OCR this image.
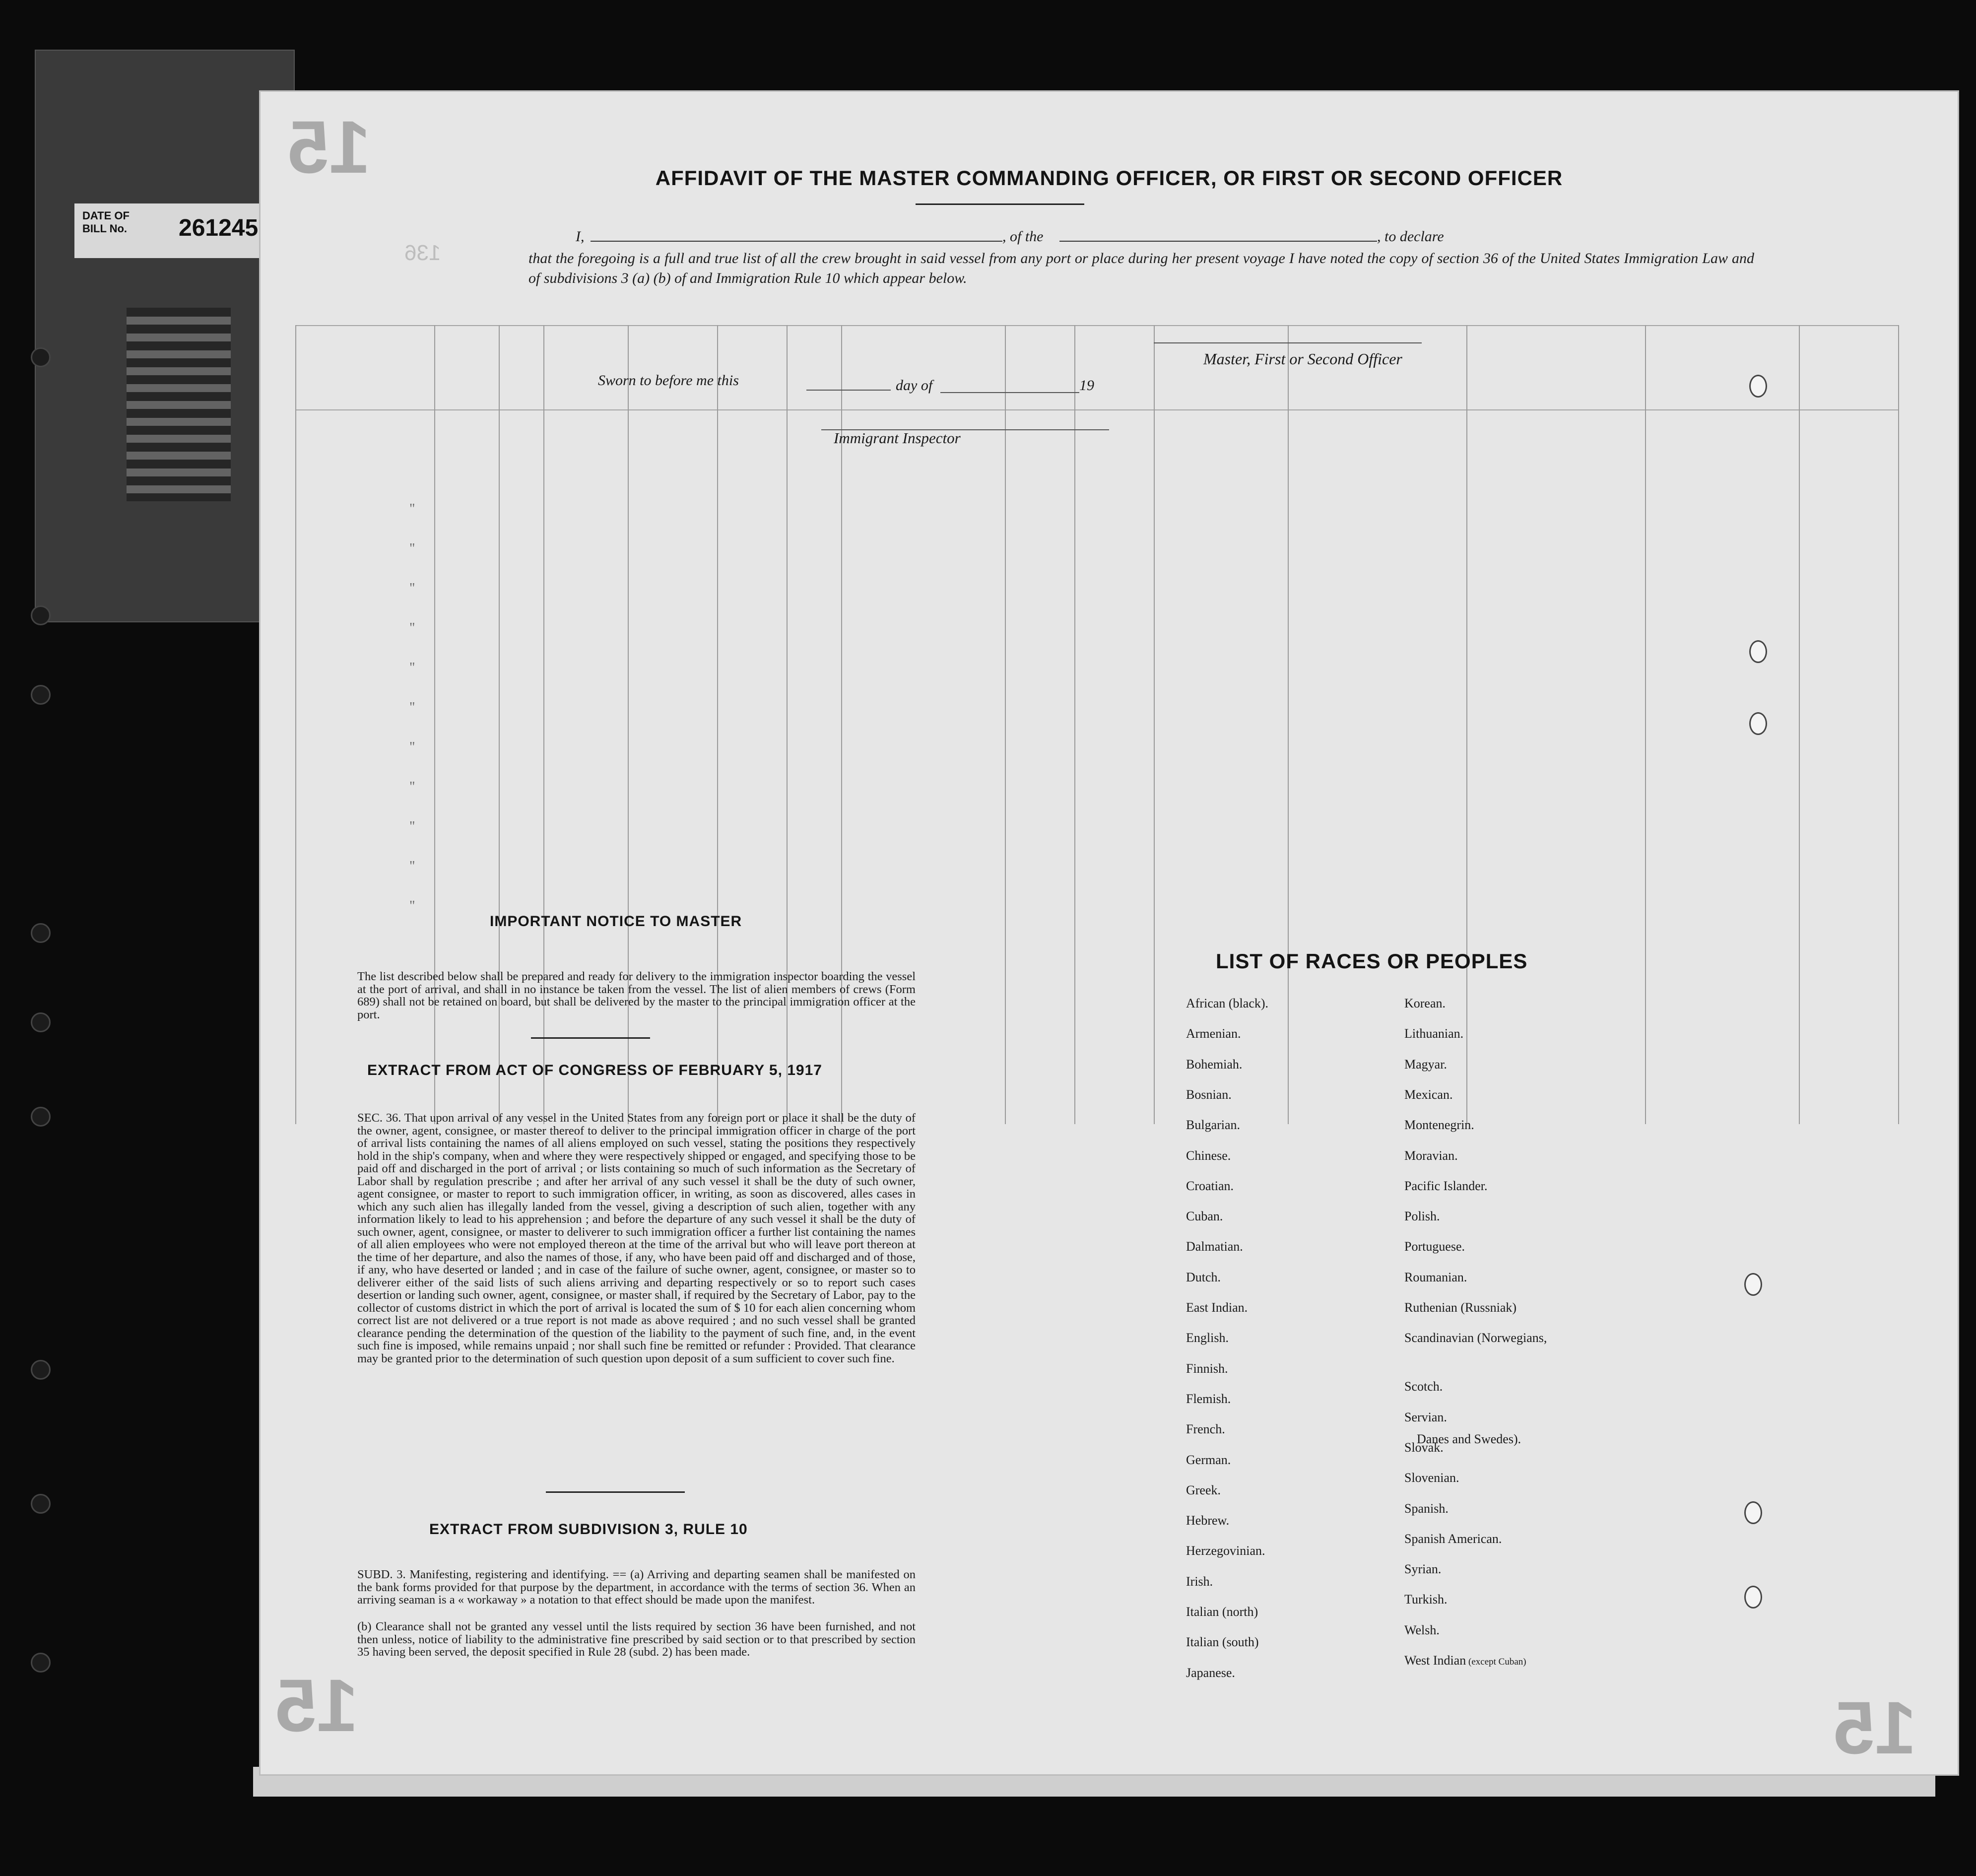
DATE OF
BILL No. 261245
15
15	15
136
"
"
"
"
"
"
"
"
"
"
"
AFFIDAVIT OF THE MASTER COMMANDING OFFICER, OR FIRST OR SECOND OFFICER
I,	, of the	, to declare
that the foregoing is a full and true list of all the crew brought in said vessel from any port or place during her present voyage I have noted the copy of section 36 of the United States Immigration Law and of subdivisions 3 (a) (b) of and Immigration Rule 10 which appear below.
Master, First or Second Officer
Sworn to before me this	day of	19
Immigrant Inspector
IMPORTANT NOTICE TO MASTER
The list described below shall be prepared and ready for delivery to the immigration inspector boarding the vessel at the port of arrival, and shall in no instance be taken from the vessel. The list of alien members of crews (Form 689) shall not be retained on board, but shall be delivered by the master to the principal immigration officer at the port.
EXTRACT FROM ACT OF CONGRESS OF FEBRUARY 5, 1917
SEC. 36. That upon arrival of any vessel in the United States from any foreign port or place it shall be the duty of the owner, agent, consignee, or master thereof to deliver to the principal immigration officer in charge of the port of arrival lists containing the names of all aliens employed on such vessel, stating the positions they respectively hold in the ship's company, when and where they were respectively shipped or engaged, and specifying those to be paid off and discharged in the port of arrival ; or lists containing so much of such information as the Secretary of Labor shall by regulation prescribe ; and after her arrival of any such vessel it shall be the duty of such owner, agent consignee, or master to report to such immigration officer, in writing, as soon as discovered, alles cases in which any such alien has illegally landed from the vessel, giving a description of such alien, together with any information likely to lead to his apprehension ; and before the departure of any such vessel it shall be the duty of such owner, agent, consignee, or master to deliverer to such immigration officer a further list containing the names of all alien employees who were not employed thereon at the time of the arrival but who will leave port thereon at the time of her departure, and also the names of those, if any, who have been paid off and discharged and of those, if any, who have deserted or landed ; and in case of the failure of suche owner, agent, consignee, or master so to deliverer either of the said lists of such aliens arriving and departing respectively or so to report such cases desertion or landing such owner, agent, consignee, or master shall, if required by the Secretary of Labor, pay to the collector of customs district in which the port of arrival is located the sum of $ 10 for each alien concerning whom correct list are not delivered or a true report is not made as above required ; and no such vessel shall be granted clearance pending the determination of the question of the liability to the payment of such fine, and, in the event such fine is imposed, while remains unpaid ; nor shall such fine be remitted or refunder : Provided. That clearance may be granted prior to the determination of such question upon deposit of a sum sufficient to cover such fine.
EXTRACT FROM SUBDIVISION 3, RULE 10
SUBD. 3. Manifesting, registering and identifying. == (a) Arriving and departing seamen shall be manifested on the bank forms provided for that purpose by the department, in accordance with the terms of section 36. When an arriving seaman is a « workaway » a notation to that effect should be made upon the manifest.
(b) Clearance shall not be granted any vessel until the lists required by section 36 have been furnished, and not then unless, notice of liability to the administrative fine prescribed by said section or to that prescribed by section 35 having been served, the deposit specified in Rule 28 (subd. 2) has been made.
LIST OF RACES OR PEOPLES
African (black).
Armenian.
Bohemiah.
Bosnian.
Bulgarian.
Chinese.
Croatian.
Cuban.
Dalmatian.
Dutch.
East Indian.
English.
Finnish.
Flemish.
French.
German.
Greek.
Hebrew.
Herzegovinian.
Irish.
Italian (north)
Italian (south)
Japanese.
Korean.
Lithuanian.
Magyar.
Mexican.
Montenegrin.
Moravian.
Pacific Islander.
Polish.
Portuguese.
Roumanian.
Ruthenian (Russniak)
Scandinavian (Norwegians,
Scotch.
Servian.
Slovak.
Slovenian.
Spanish.
Spanish American.
Syrian.
Turkish.
Welsh.
West Indian (except Cuban)
Danes and Swedes).
